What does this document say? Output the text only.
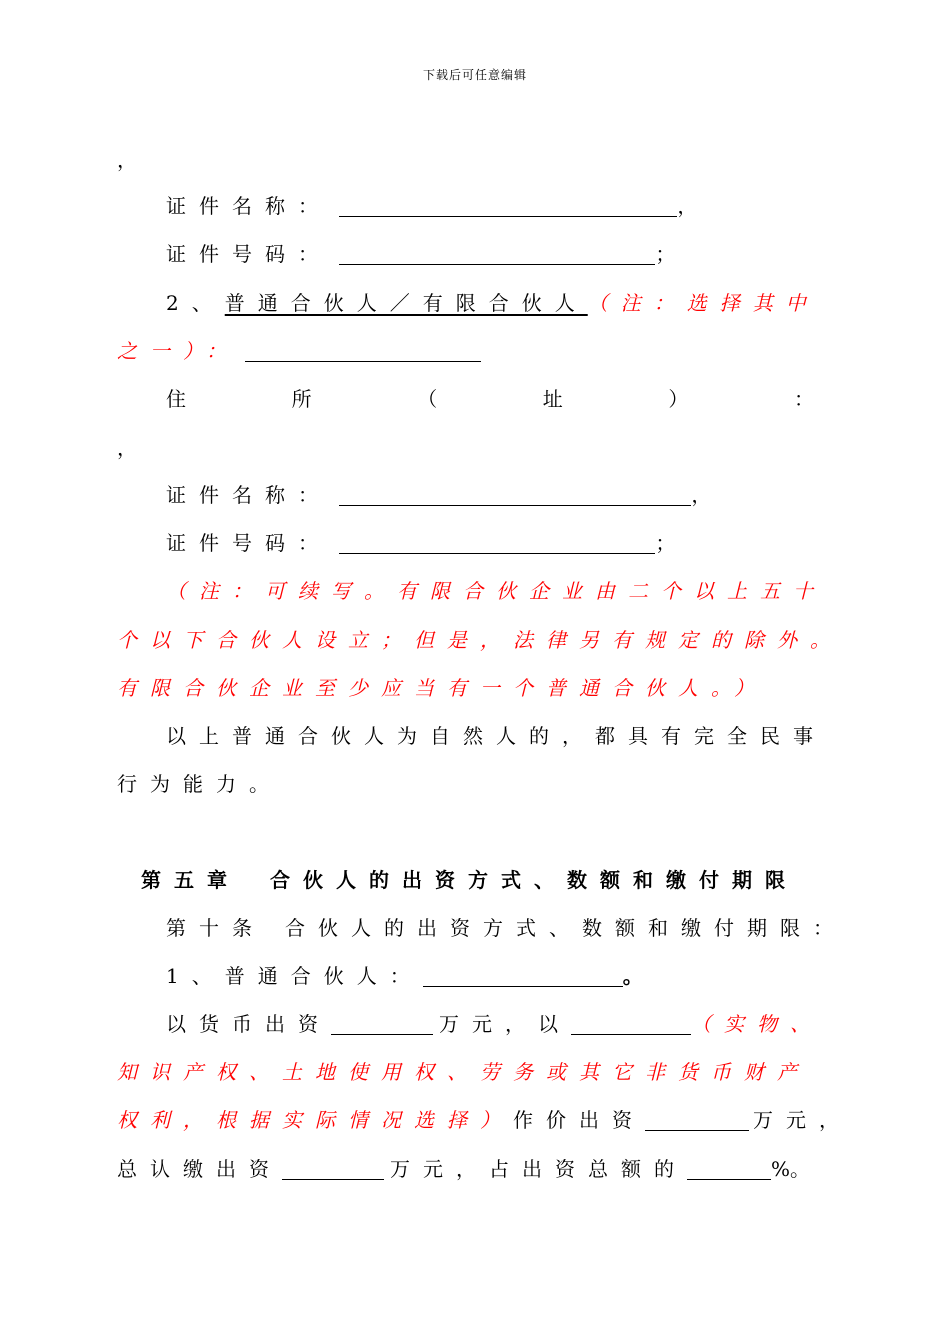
下载后可任意编辑
，
证件名称：	，
证件号码：	；
2、普通合伙人／有限合伙人（注：选择其中
之一）：
住	所	（	址	）	：
，
证件名称：	，
证件号码：	；
（注：可续写。有限合伙企业由二个以上五十
个以下合伙人设立；但是，法律另有规定的除外。
有限合伙企业至少应当有一个普通合伙人。）
以上普通合伙人为自然人的，都具有完全民事
行为能力。
第五章 合伙人的出资方式、数额和缴付期限
第十条 合伙人的出资方式、数额和缴付期限：
1、普通合伙人：	。
以货币出资	万元，以	（实物、
知识产权、土地使用权、劳务或其它非货币财产
权利，根据实际情况选择）作价出资	万元，
总认缴出资	万元，占出资总额的	%。
